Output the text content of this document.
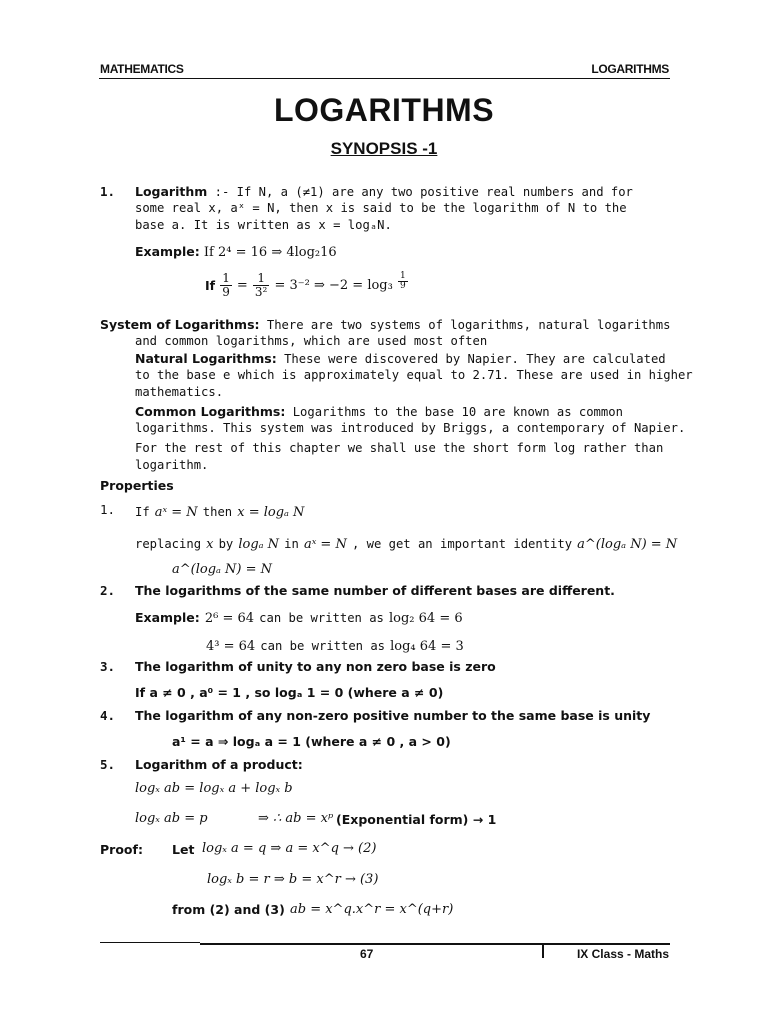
MATHEMATICS	LOGARITHMS
LOGARITHMS
SYNOPSIS -1
1. Logarithm :- If N, a (≠1) are any two positive real numbers and for
some real x, aˣ = N, then x is said to be the logarithm of N to the
base a. It is written as x = logₐN.
Example: If 2⁴ = 16 ⇒ 4log₂16
If $\frac{1}{9} = \frac{1}{\text{3²}} = 3^{-2}$ ⇒ $-2 = \log_3 \frac{1}{9}$
System of Logarithms: There are two systems of logarithms, natural logarithms
and common logarithms, which are used most often
Natural Logarithms: These were discovered by Napier. They are calculated
to the base e which is approximately equal to 2.71. These are used in higher
mathematics.
Common Logarithms: Logarithms to the base 10 are known as common
logarithms. This system was introduced by Briggs, a contemporary of Napier.
For the rest of this chapter we shall use the short form log rather than
logarithm.
Properties
1. If aˣ = N then x = logₐ N
replacing x by logₐ N in aˣ = N , we get an important identity a^(logₐ N) = N
a^(logₐ N) = N
2. The logarithms of the same number of different bases are different.
Example: 2⁶ = 64 can be written as log₂ 64 = 6
4³ = 64 can be written as log₄ 64 = 3
3. The logarithm of unity to any non zero base is zero
If a ≠ 0 , a⁰ = 1 , so logₐ 1 = 0 (where a ≠ 0)
4. The logarithm of any non-zero positive number to the same base is unity
a¹ = a ⇒ logₐ a = 1 (where a ≠ 0 , a > 0)
5. Logarithm of a product:
logₓ ab = logₓ a + logₓ b
logₓ ab = p	⇒ ∴ ab = xᵖ (Exponential form) → 1
Proof: Let logₓ a = q ⇒ a = x^q → (2)
logₓ b = r ⇒ b = x^r → (3)
from (2) and (3) ab = x^q.x^r = x^(q+r)
67	IX Class - Maths
